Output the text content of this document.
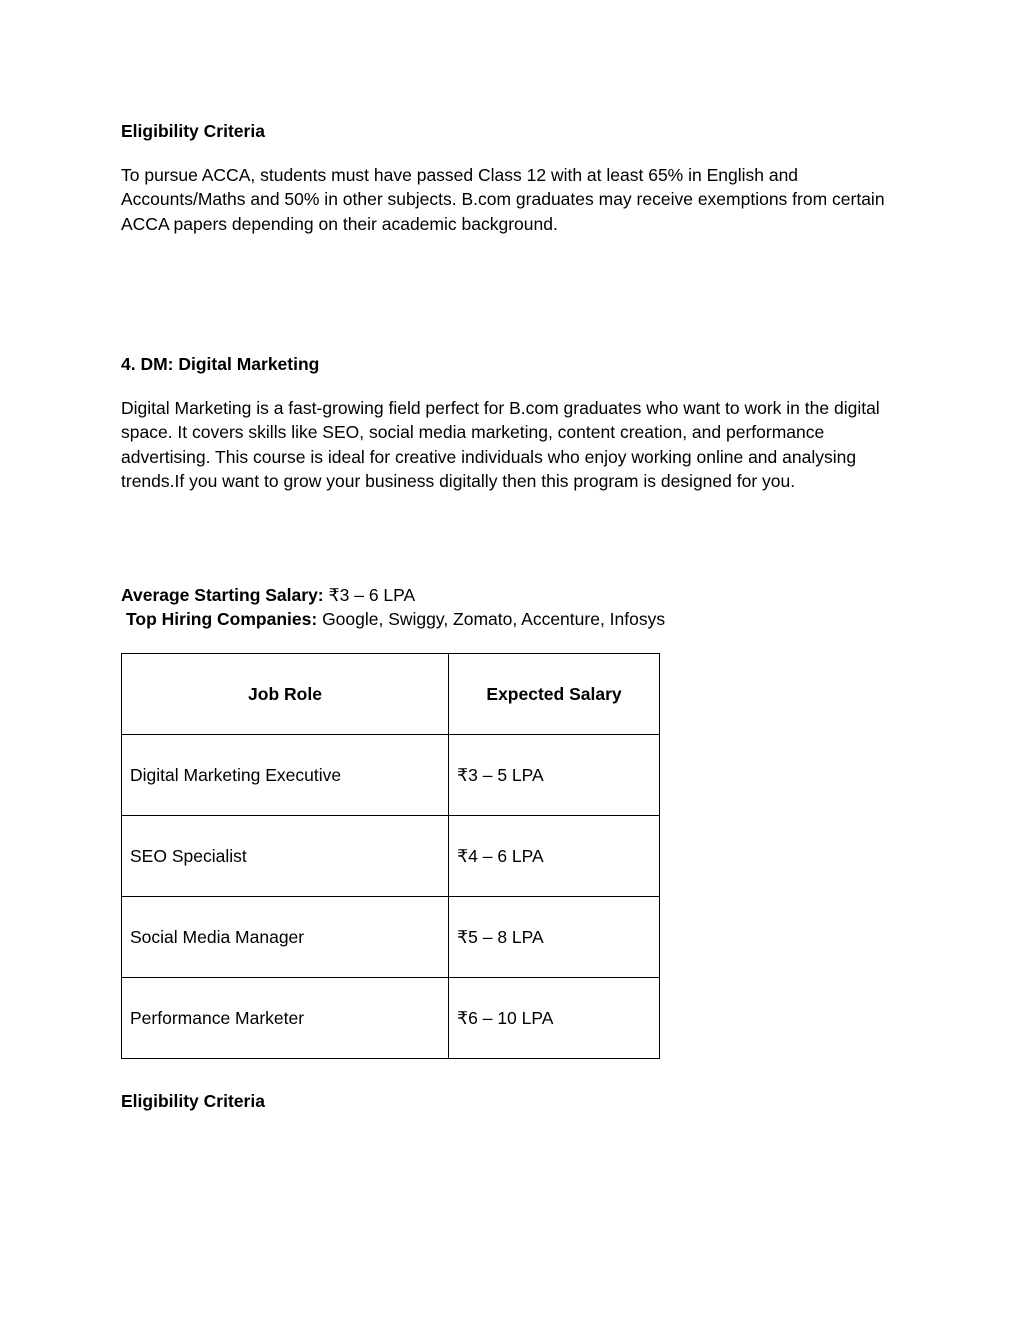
Eligibility Criteria
To pursue ACCA, students must have passed Class 12 with at least 65% in English and Accounts/Maths and 50% in other subjects. B.com graduates may receive exemptions from certain ACCA papers depending on their academic background.
4. DM: Digital Marketing
Digital Marketing is a fast-growing field perfect for B.com graduates who want to work in the digital space. It covers skills like SEO, social media marketing, content creation, and performance advertising. This course is ideal for creative individuals who enjoy working online and analysing trends.If you want to grow your business digitally then this program is designed for you.
Average Starting Salary: ₹3 – 6 LPA
Top Hiring Companies: Google, Swiggy, Zomato, Accenture, Infosys
Job Role	Expected Salary
Digital Marketing Executive	₹3 – 5 LPA
SEO Specialist	₹4 – 6 LPA
Social Media Manager	₹5 – 8 LPA
Performance Marketer	₹6 – 10 LPA
Eligibility Criteria
